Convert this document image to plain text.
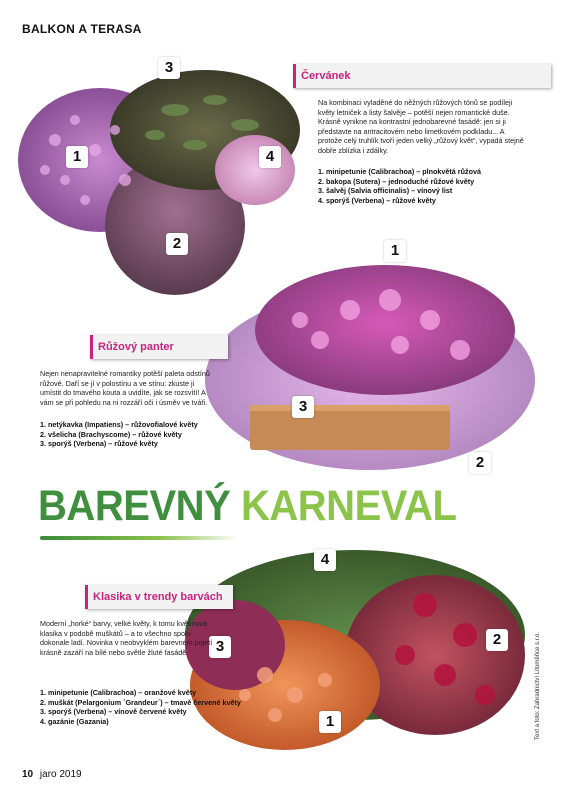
BALKON A TERASA
3
1	4
2
Červánek
Na kombinaci vyladěné do něžných růžových tónů se podíleji květy letniček a listy šalvěje – potěší nejen romantické duše. Krásně vynikne na kontrastní jednobarevné fasádě: jen si ji představte na antracitovém nebo limetkovém podkladu... A protože celý truhlík tvoří jeden velký „růžový květ“, vypadá stejně dobře zblízka i zdálky.
1. minipetunie (Calibrachoa) – plnokvětá růžová
2. bakopa (Sutera) – jednoduché růžové květy
3. šalvěj (Salvia officinalis) – vínový list
4. sporýš (Verbena) – růžové květy
1
3
2
Růžový panter
Nejen nenapravitelné romantiky potěší paleta odstínů růžové. Daří se jí v polostínu a ve stínu: zkuste ji umístit do tmavého kouta a uvidíte, jak se rozsvítí! A vám se při pohledu na ni rozzáří oči i úsměv ve tváři.
1. netýkavka (Impatiens) – růžovofialové květy
2. všelicha (Brachyscome) – růžové květy
3. sporýš (Verbena) – růžové květy
BAREVNÝ KARNEVAL
4
3	2
1
Klasika v trendy barvách
Moderní „horké“ barvy, velké květy, k tomu květinová klasika v podobě muškátů – a to všechno spolu dokonale ladí. Novinka v neobvyklém barevném pojetí krásně zazáří na bílé nebo světle žluté fasádě.
1. minipetunie (Calibrachoa) – oranžové květy
2. muškát (Pelargonium ´Grandeur´) – tmavě červené květy
3. sporýš (Verbena) – vínově červené květy
4. gazánie (Gazania)	Text a foto: Zahradnictví Litoměřice s.r.o.
10 jaro 2019
